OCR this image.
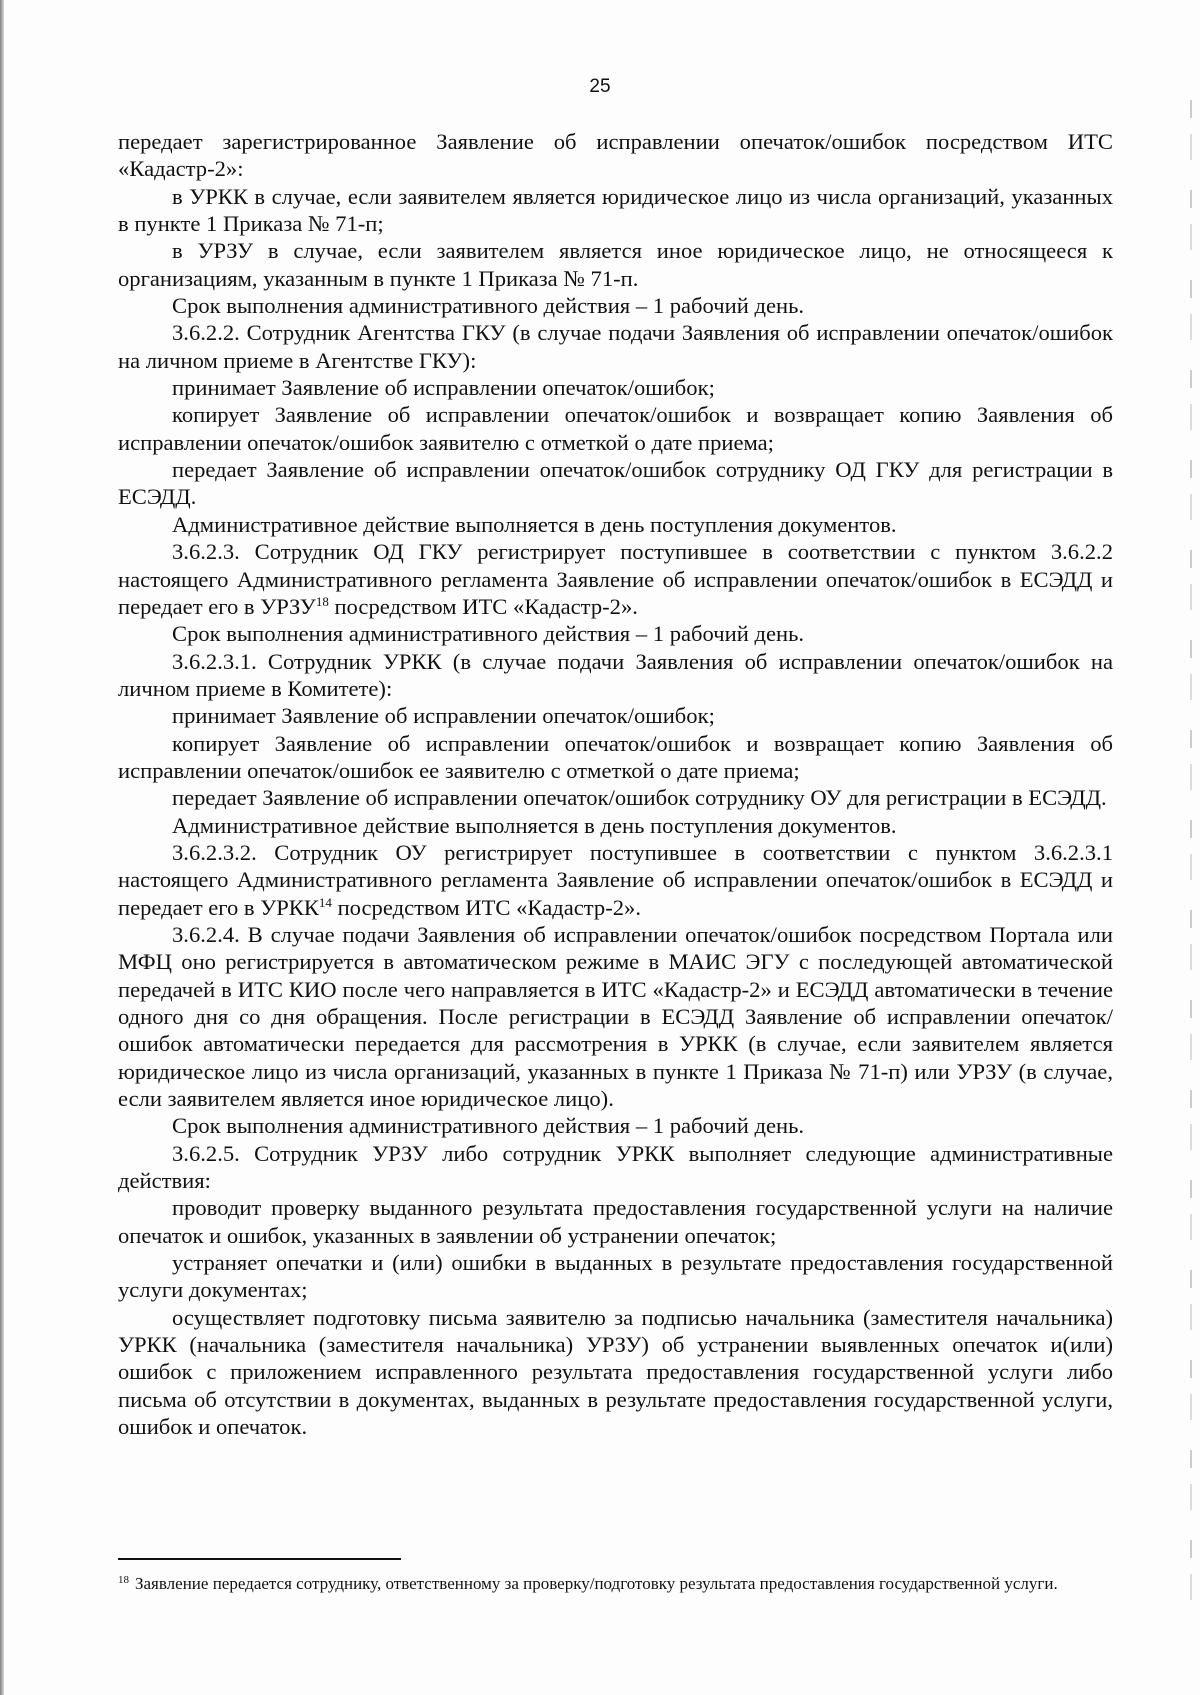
25

передает зарегистрированное Заявление об исправлении опечаток/ошибок посредством ИТС «Кадастр-2»:

в УРКК в случае, если заявителем является юридическое лицо из числа организаций, указанных в пункте 1 Приказа № 71-п;

в УРЗУ в случае, если заявителем является иное юридическое лицо, не относящееся к организациям, указанным в пункте 1 Приказа № 71-п.

Срок выполнения административного действия – 1 рабочий день.

3.6.2.2. Сотрудник Агентства ГКУ (в случае подачи Заявления об исправлении опечаток/ошибок на личном приеме в Агентстве ГКУ):

принимает Заявление об исправлении опечаток/ошибок;

копирует Заявление об исправлении опечаток/ошибок и возвращает копию Заявления об исправлении опечаток/ошибок заявителю с отметкой о дате приема;

передает Заявление об исправлении опечаток/ошибок сотруднику ОД ГКУ для регистрации в ЕСЭДД.

Административное действие выполняется в день поступления документов.

3.6.2.3. Сотрудник ОД ГКУ регистрирует поступившее в соответствии с пунктом 3.6.2.2 настоящего Административного регламента Заявление об исправлении опечаток/ошибок в ЕСЭДД и передает его в УРЗУ$^{18}$ посредством ИТС «Кадастр-2».

Срок выполнения административного действия – 1 рабочий день.

3.6.2.3.1. Сотрудник УРКК (в случае подачи Заявления об исправлении опечаток/ошибок на личном приеме в Комитете):

принимает Заявление об исправлении опечаток/ошибок;

копирует Заявление об исправлении опечаток/ошибок и возвращает копию Заявления об исправлении опечаток/ошибок ее заявителю с отметкой о дате приема;

передает Заявление об исправлении опечаток/ошибок сотруднику ОУ для регистрации в ЕСЭДД.

Административное действие выполняется в день поступления документов.

3.6.2.3.2. Сотрудник ОУ регистрирует поступившее в соответствии с пунктом 3.6.2.3.1 настоящего Административного регламента Заявление об исправлении опечаток/ошибок в ЕСЭДД и передает его в УРКК$^{14}$ посредством ИТС «Кадастр-2».

3.6.2.4. В случае подачи Заявления об исправлении опечаток/ошибок посредством Портала или МФЦ оно регистрируется в автоматическом режиме в МАИС ЭГУ с последующей автоматической передачей в ИТС КИО после чего направляется в ИТС «Кадастр-2» и ЕСЭДД автоматически в течение одного дня со дня обращения. После регистрации в ЕСЭДД Заявление об исправлении опечаток/ошибок автоматически передается для рассмотрения в УРКК (в случае, если заявителем является юридическое лицо из числа организаций, указанных в пункте 1 Приказа № 71-п) или УРЗУ (в случае, если заявителем является иное юридическое лицо).

Срок выполнения административного действия – 1 рабочий день.

3.6.2.5. Сотрудник УРЗУ либо сотрудник УРКК выполняет следующие административные действия:

проводит проверку выданного результата предоставления государственной услуги на наличие опечаток и ошибок, указанных в заявлении об устранении опечаток;

устраняет опечатки и (или) ошибки в выданных в результате предоставления государственной услуги документах;

осуществляет подготовку письма заявителю за подписью начальника (заместителя начальника) УРКК (начальника (заместителя начальника) УРЗУ) об устранении выявленных опечаток и(или) ошибок с приложением исправленного результата предоставления государственной услуги либо письма об отсутствии в документах, выданных в результате предоставления государственной услуги, ошибок и опечаток.

$^{18}$ Заявление передается сотруднику, ответственному за проверку/подготовку результата предоставления государственной услуги.
